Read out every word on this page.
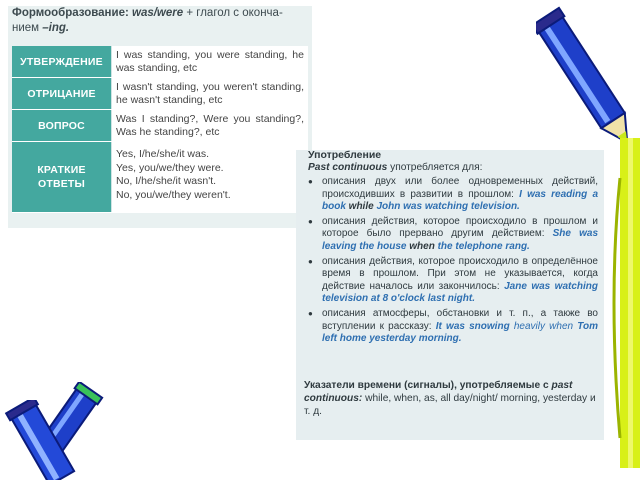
Формообразование: was/were + глагол с оконча-
нием –ing.
УТВЕРЖДЕНИЕ
I was standing, you were standing, he was standing, etc
ОТРИЦАНИЕ
I wasn't standing, you weren't standing, he wasn't standing, etc
ВОПРОС
Was I standing?, Were you standing?, Was he standing?, etc
КРАТКИЕ
ОТВЕТЫ
Yes, I/he/she/it was.
Yes, you/we/they were.
No, I/he/she/it wasn't.
No, you/we/they weren't.
Употребление
Past continuous употребляется для:
● описания двух или более одновременных действий, происходивших в развитии в прошлом: I was reading a book while John was watching television.
● описания действия, которое происходило в прошлом и которое было прервано другим действием: She was leaving the house when the telephone rang.
● описания действия, которое происходило в определённое время в прошлом. При этом не указывается, когда действие началось или закончилось: Jane was watching television at 8 o'clock last night.
● описания атмосферы, обстановки и т. п., а также во вступлении к рассказу: It was snowing heavily when Tom left home yesterday morning.
Указатели времени (сигналы), употребляемые с past continuous: while, when, as, all day/night/ morning, yesterday и т. д.
